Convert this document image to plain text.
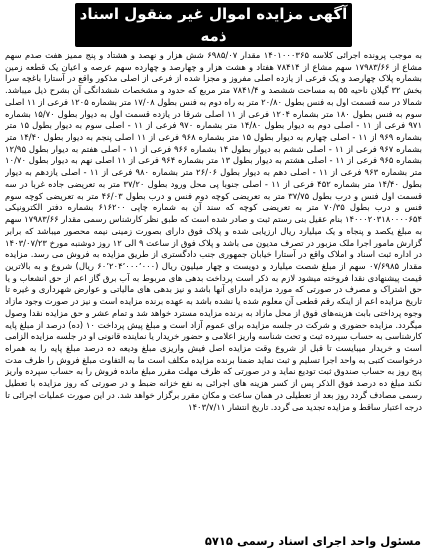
آگهی مزایده اموال غیر منقول اسناد ذمه
به موجب پرونده اجرائی کلاسه ۱۴۰۱۰۰۰۳۶۵ مقدار ۶۹۸۵/۰۷ شش هزار و نهصد و هشتاد و پنج ممیز هفت صدم سهم مشاع از ۱۷۹۸۳/۶۶ سهم مشاع از ۷۸۴۱۴ هفتاد و هشت هزار و چهارصد و چهارده سهم عرصه و اعیان یک قطعه زمین بشماره پلاک چهارصد و یک فرعی از یازده اصلی مفروز و مجزا شده از فرعی از اصلی مذکور واقع در آستارا باغچه سرا بخش ۳۲ گیلان ناحیه ۵۵ به مساحت ششصد و ۷۸۴۱/۴ متر مربع که حدود و مشخصات ششدانگی آن بشرح ذیل میباشد. شمالا در سه قسمت اول به فنس بطول ۲۰/۸۰ متر به راه دوم به فنس بطول ۱۷/۰۸ متر بشماره ۱۲۰۵ فرعی از ۱۱ اصلی سوم به فنس بطول ۱۸۰ متر بشماره ۱۲۰۴ فرعی از ۱۱ اصلی شرقا در یازده قسمت اول به دیوار بطول ۱۵/۷۰ بشماره ۹۷۱ فرعی از ۱۱ - اصلی دوم به دیوار بطول ۱۴/۸۰ متر بشماره ۹۷۰ فرعی از ۱۱ - اصلی سوم به دیوار بطول ۱۵ متر بشماره ۹۶۹ از ۱۱ - اصلی چهارم به دیوار بطول ۱۵ متر بشماره ۹۶۸ فرعی از ۱۱ اصلی پنجم به دیوار بطول ۱۴/۴۰ متر بشماره ۹۶۷ فرعی از ۱۱ - اصلی ششم به دیوار بطول ۱۴ بشماره ۹۶۶ فرعی از ۱۱ - اصلی هفتم به دیوار بطول ۱۲/۹۵ بشماره ۹۶۵ فرعی از ۱۱ - اصلی هشتم به دیوار بطول ۱۳ متر بشماره ۹۶۴ فرعی از ۱۱ اصلی نهم به دیوار بطول ۱۰/۷۰ متر بشماره ۹۶۳ فرعی از ۱۱ - اصلی دهم به دیوار بطول ۲۶/۰۶ متر بشماره ۹۸۰ فرعی از ۱۱ - اصلی یازدهم به دیوار بطول ۱۴/۴۰ متر بشماره ۴۵۲ فرعی از ۱۱ - اصلی جنوبا پی محل ورود بطول ۳۷/۲۰ متر به تعریضی جاده غربا در سه قسمت اول فنس و درب بطول ۳۷/۷۵ متر به تعریضی کوچه دوم فنس و درب بطول ۴۶/۰۳ متر به تعریضی کوچه سوم فنس و درب بطول ۷۰/۳۵ متر به تعریضی کوچه که سند آن به شماره چاپی ۶۱۶۲۰۰ بشماره دفتر الکترونیکی ۱۴۰۰۰۲۰۳۱۸۰۰۰۰۶۵۴ بنام عقیل بنی رستم ثبت و صادر شده است که طبق نظر کارشناس رسمی مقدار ۱۷۹۸۳/۶۶ سهم به مبلغ یکصد و پنجاه و یک میلیارد ریال ارزیابی شده و پلاک فوق دارای بصورت زمینی نیمه محصور میباشد که برابر گزارش مامور اجرا ملک مزبور در تصرف مدیون می باشد و پلاک فوق از ساعت ۹ الی ۱۲ روز دوشنبه مورخ ۱۴۰۳/۰۷/۲۳ در اداره ثبت اسناد و املاک واقع در آستارا خیابان جمهوری جنب دادگستری از طریق مزایده به فروش می رسد. مزایده مقدار ۰۷/۶۹۸۵ سهم از مبلغ شصت میلیارد و دویست و چهار میلیون ریال (۶۰٬۲۰۴٬۰۰۰٬۰۰۰ ریال) شروع و به بالاترین قیمت پیشنهادی نقدا فروخته میشود لازم به ذکر است پرداخت بدهی های مربوط به آب برق گاز اعم از حق انشعاب و یا حق اشتراک و مصرف در صورتی که مورد مزایده دارای آنها باشد و نیز بدهی های مالیاتی و عوارض شهرداری و غیره تا تاریخ مزایده اعم از اینکه رقم قطعی آن معلوم شده یا نشده باشد به عهده برنده مزایده است و نیز در صورت وجود مازاد وجوه پرداختی بابت هزینه‌های فوق از محل مازاد به برنده مزایده مسترد خواهد شد و تمام عشر و حق مزایده نقدا وصول میگردد. مزایده حضوری و شرکت در جلسه مزایده برای عموم آزاد است و مبلغ پیش پرداخت ۱۰ (ده) درصد از مبلغ پایه کارشناسی به حساب سپرده ثبت و تحت شناسه واریز اعلامی و حضور خریدار یا نماینده قانونی او در جلسه مزایده الزامی است و خریدار میبایست تا قبل از شروع وقت مزایده اصل فیش واریزی مبلغ ودیعه ده درصد مبلغ پایه را به همراه درخواست کتبی به واحد اجرا تسلیم و ثبت نماید ضمنا برنده مزایده مکلف است ما به التفاوت مبلغ فروش را ظرف مدت پنج روز به حساب صندوق ثبت تودیع نماید و در صورتی که ظرف مهلت مقرر مبلغ مانده فروش را به حساب سپرده واریز نکند مبلغ ده درصد فوق الذکر پس از کسر هزینه های اجرائی به نفع خزانه ضبط و در صورتی که روز مزایده با تعطیل رسمی مصادف گردد روز بعد از تعطیلی در همان ساعت و مکان مقرر برگزار خواهد شد. در این صورت عملیات اجرائی تا درجه اعتبار ساقط و مزایده تجدید می گردد. تاریخ انتشار ۱۴۰۳/۷/۱۱
مسئول واحد اجرای اسناد رسمی ۵۷۱۵
